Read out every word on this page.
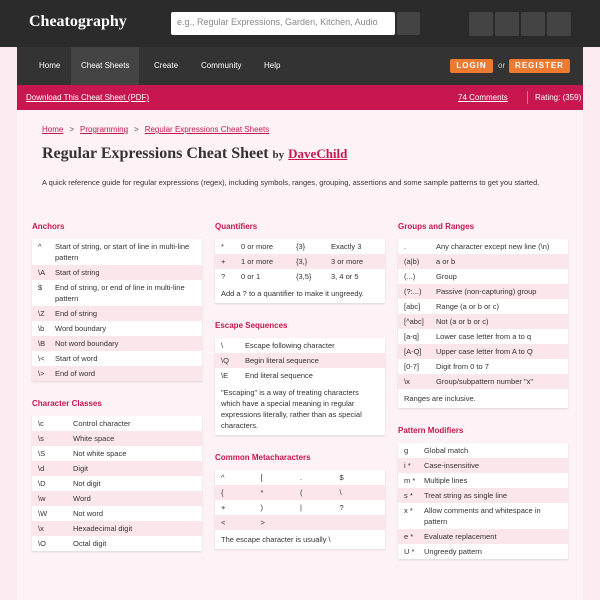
Cheatography	e.g., Regular Expressions, Garden, Kitchen, Audio
Home	Cheat Sheets	Create	Community	Help	LOGIN	or	REGISTER
Download This Cheat Sheet (PDF)	74 Comments	Rating: (359)
Home > Programming > Regular Expressions Cheat Sheets
Regular Expressions Cheat Sheet by DaveChild
A quick reference guide for regular expressions (regex), including symbols, ranges, grouping, assertions and some sample patterns to get you started.
Anchors
^	Start of string, or start of line in multi-line pattern
\A	Start of string
$	End of string, or end of line in multi-line pattern
\Z	End of string
\b	Word boundary
\B	Not word boundary
\<	Start of word
\>	End of word
Character Classes
\c	Control character
\s	White space
\S	Not white space
\d	Digit
\D	Not digit
\w	Word
\W	Not word
\x	Hexadecimal digit
\O	Octal digit
Quantifiers
*	0 or more	{3}	Exactly 3
+	1 or more	{3,}	3 or more
?	0 or 1	{3,5}	3, 4 or 5
Add a ? to a quantifier to make it ungreedy.
Escape Sequences
\	Escape following character
\Q	Begin literal sequence
\E	End literal sequence
"Escaping" is a way of treating characters which have a special meaning in regular expressions literally, rather than as special characters.
Common Metacharacters
^	[	.	$
{	*	(	\
+	)	|	?
<	>
The escape character is usually \
Groups and Ranges
.	Any character except new line (\n)
(a|b)	a or b
(...)	Group
(?:...)	Passive (non-capturing) group
[abc]	Range (a or b or c)
[^abc]	Not (a or b or c)
[a-q]	Lower case letter from a to q
[A-Q]	Upper case letter from A to Q
[0-7]	Digit from 0 to 7
\x	Group/subpattern number "x"
Ranges are inclusive.
Pattern Modifiers
g	Global match
i *	Case-insensitive
m *	Multiple lines
s *	Treat string as single line
x *	Allow comments and whitespace in pattern
e *	Evaluate replacement
U *	Ungreedy pattern
